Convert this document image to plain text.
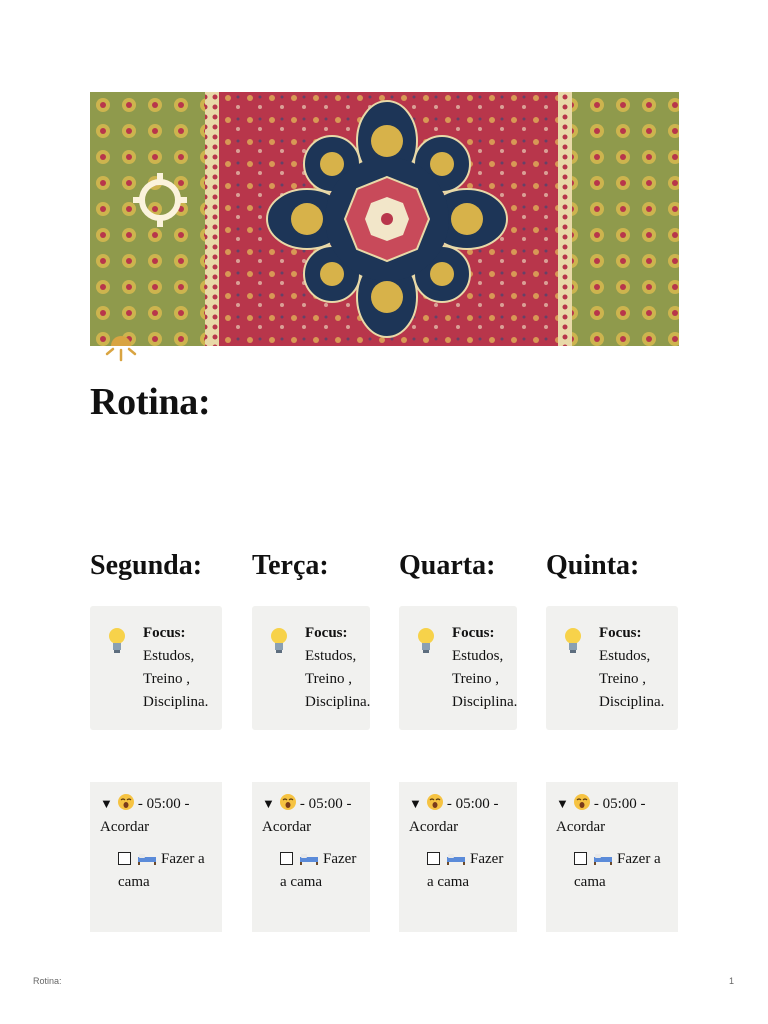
Rotina:
Segunda: Terça:	Quarta: Quinta:
Focus:
Estudos,
Treino ,
Disciplina.
Focus:
Estudos,
Treino ,
Disciplina.
Focus:
Estudos,
Treino ,
Disciplina.
Focus:
Estudos,
Treino ,
Disciplina.
▼ - 05:00 - Acordar
Fazer a
cama
▼ - 05:00 - Acordar
Fazer
a cama
▼ - 05:00 - Acordar
Fazer
a cama
▼ - 05:00 - Acordar
Fazer a
cama
Rotina:	1
